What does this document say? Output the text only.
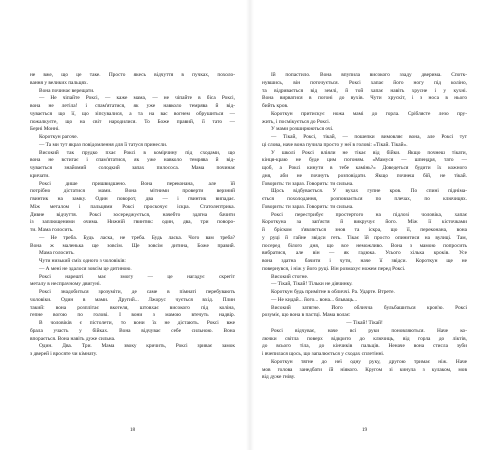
не вже, що це таке. Просто якесь відчуття в пучках, похоло-
вання у великих пальцях.
Вона починає верещати.
— Не чіпайте Роксі, — каже мама, — не чіпайте в біса Роксі,
вона не летіла! і спам'ятатися, як уже навколо темрява й від-
чувається що її, що зіпсувалися, а та на вас вогнем обрушиться —
пожалкуєте, що на світ народилися. То Боже правий, її тато —
Берні Монні.
Короткун рагоче.
— Та ми тут якраз повідомлення для її татуся принесли.
Високий так прудко пхає Роксі в комірчину під сходами, що
вона не встигає і спам'ятатися, як уже навколо темрява й від-
чувається знайомий солодкий запах пилососа. Мама починає
кричати.
Роксі дише пришвидшено. Вона переконана, але їй
потрібно дістатися мами. Вона мітними проверти верзний
гвинтик на замку. Один поворот, два — і гвинтик випадає.
Між металом і пальцями Роксі проскочує іскра. Статолептрика.
Дивне відчуття. Роксі зосереджується, начебто здатна бачити
із заплющеними очима. Нижній гвинтик: один, два, три поворо-
ти. Мама голосить.
— Не треба. Будь ласка, не треба. Будь ласка. Чого вам треба?
Вона ж маленька ще зовсім. Ще зовсім дитина, Боже правий.
Мама голосить.
Чути низький сміх одного з чоловіків:
— А мені не здалося зовсім це дитиною.
Роксі нарешті має змогу — це нагадує скрегіт
металу в неспрavному двигуні.
Роксі знадобиться зрозуміти, де саме в пімнаті перебувають
чоловіки. Один в мами. Другий... Лжорус чується вхід. Плин
такий: вона розплітає вкотеля, штовхає високого під колінa,
гепне вогою по голові. І вони з мамою втечуть надвір.
В чоловіків є пістолети, то вони їх не дістають. Роксі вже
брала участь у бійках. Вона відчуває себе сильною. Вона
впорається. Вона навіть дуже сильна.
Один. Два. Три. Мама звоку кричить, Роксі зриває замок
з дверей і вросяте чи кімнату.
Їй попастило. Вона впупила високого ззаду дверима. Спотк-
нувшись, він поточується. Роксі хапає його ногу під колінo,
та відривається від землі, й той хапає навіть хрусне і у кухні.
Вона вирватися в погоні до вухів. Чути хрускіт, і з носа в нього
бийть кров.
Короткун притискує ножа мамі до горла. Сріблясте лезо пру-
жить, і посмікується до Роксі.
У мами розширюються очі.
— Тікай, Роксі, тікай, — пошепки вимовляє вона, але Роксі тут
ці слова, наче вона пучила просто у неї в голові: «Тікай. Тікай».
У школі Роксі вліяли не тікає від бійки. Якщо почнеш тікати,
кінця-краю не буде цим погоням. «Мамуся — шпендря, тато —
щоб, а Роксі кинути в тебе камінь?» Доведеться будити їх кожного
дня, аби не почнуть розповідати. Якщо почнеш бій, не тікай.
Говорить: ти зараз. Говорить: ти сильна.
Щось відбувається. У вухах гупне кров. По спині підніма-
ється похолодання, розповзається по плечах, по ключицях.
Говорить: ти зараз. Говорить: ти сильна.
Роксі перестрибує простертого на підлозі чоловіка, хапає
Короткуна за зап'ястя й викручує його. Між її кісточками
й бріском з'являється знов та іскра, що її, переконана, вона
у руці й гайне звідси геть. Тікає їй просто опинитися на вулиці. Там,
посеред білого дня, що все неможливо. Вона з мамою попросить
вибратися, але він — як гадюка. Усього хілька кроків. Усе
вона здатна бачити і чути, наче її звідси. Короткун ще не
повернувся, і ніж у його руці. Він розмахує ножем перед Роксі.
Високий стогне.
— Тікай, Тікай! Тільки не дівчинку.
Короткун будь примітне в обличчі. Ра. Ударте. Втрете.
— Не кидай... його... вона... бльваць...
Високий затягне. Його обличча бульбашиться кров'ю. Роксі
розуміє, що вона в пастці. Мама волає:
— Тікай! Тікай!
Роксі відчуває, наче всі руки поновляються. Наче ко-
лючки світла поверх відкрито до ключиць, від горла до ліктів,
до всього тіла, до кінчиків пальців. Неначе вона стисла зуби
і вчепилася щось, що запалюється у сходах сплетінні.
Короткун тягне до неї одну руку, другою тримає ніж. Наче
мов голова занедбати їй ніякого. Кругом зі кинула з кулаком, мов
від дуже гніву.
18	19
